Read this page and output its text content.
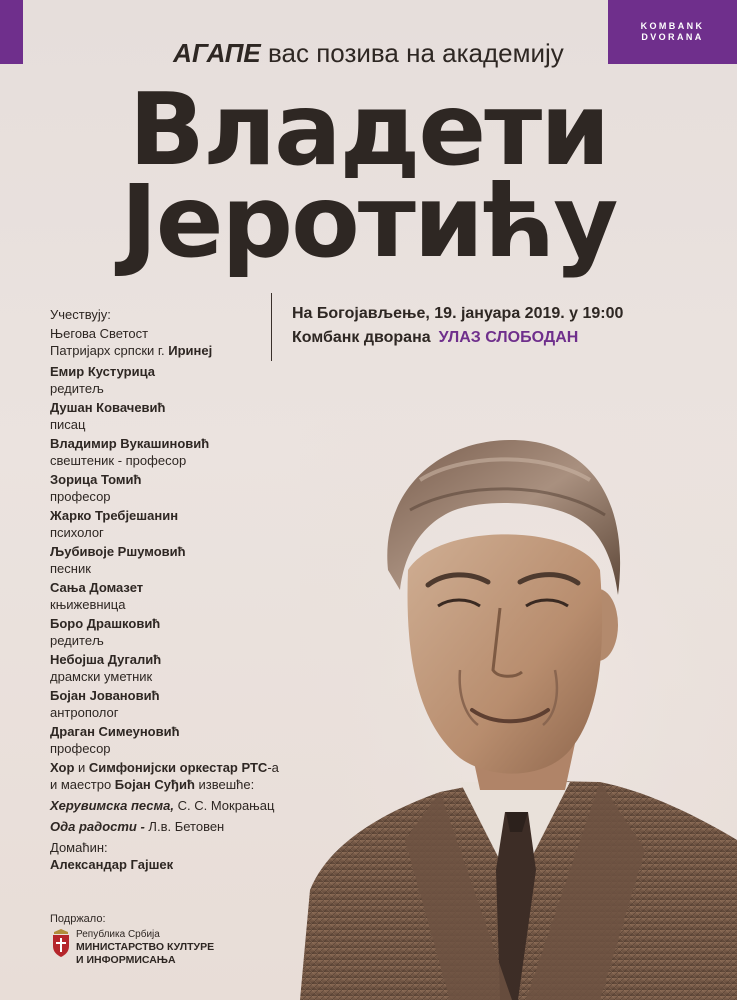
KOMBANK
DVORANA
АГАПЕ вас позива на академију
Владети
Јеротићу
На Богојављење, 19. јануара 2019. у 19:00
Комбанк дворана УЛАЗ СЛОБОДАН
Учествују:
Његова Светост
Патријарх српски г. Иринеј
Емир Кустурица
редитељ
Душан Ковачевић
писац
Владимир Вукашиновић
свештеник - професор
Зорица Томић
професор
Жарко Требјешанин
психолог
Љубивоје Ршумовић
песник
Сања Домазет
књижевница
Боро Драшковић
редитељ
Небојша Дугалић
драмски уметник
Бојан Јовановић
антрополог
Драган Симеуновић
професор
Хор и Симфонијски оркестар РТС-а
и маестро Бојан Суђић извешће:
Херувимска песма, С. С. Мокрањац
Ода радости - Л.в. Бетовен
Домаћин:
Александар Гајшек
Подржало:
Република Србија
МИНИСТАРСТВО КУЛТУРЕ
И ИНФОРМИСАЊА
